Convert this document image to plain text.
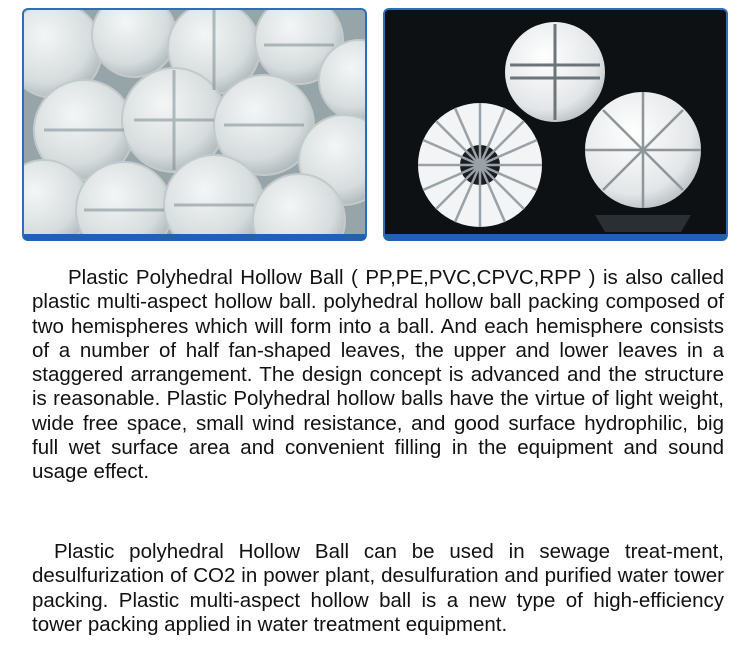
Plastic Polyhedral Hollow Ball ( PP,PE,PVC,CPVC,RPP ) is also called plastic multi-aspect hollow ball. polyhedral hollow ball packing composed of two hemispheres which will form into a ball. And each hemisphere consists of a number of half fan-shaped leaves, the upper and lower leaves in a staggered arrangement. The design concept is advanced and the structure is reasonable. Plastic Polyhedral hollow balls have the virtue of light weight, wide free space, small wind resistance, and good surface hydrophilic, big full wet surface area and convenient filling in the equipment and sound usage effect.

Plastic polyhedral Hollow Ball can be used in sewage treat-ment, desulfurization of CO2 in power plant, desulfuration and purified water tower packing. Plastic multi-aspect hollow ball is a new type of high-efficiency tower packing applied in water treatment equipment.
